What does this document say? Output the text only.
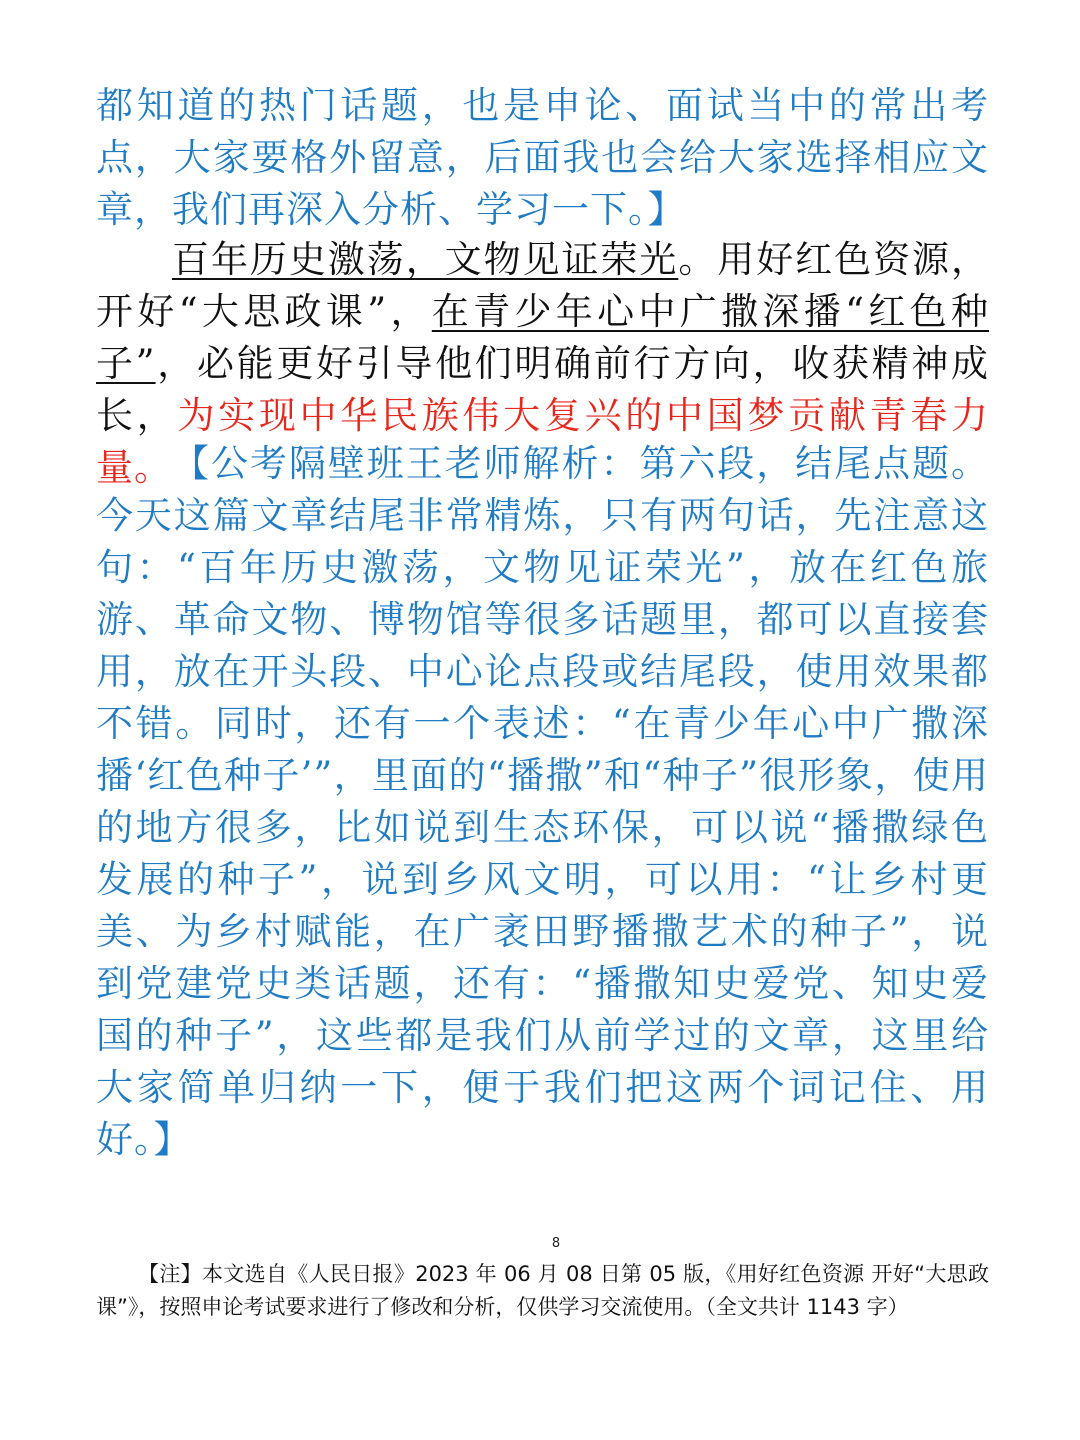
都知道的热门话题，也是申论、面试当中的常出考点，大家要格外留意，后面我也会给大家选择相应文章，我们再深入分析、学习一下。】

百年历史激荡，文物见证荣光。用好红色资源，开好“大思政课”，在青少年心中广撒深播“红色种子”，必能更好引导他们明确前行方向，收获精神成长，为实现中华民族伟大复兴的中国梦贡献青春力量。 【公考隔壁班王老师解析：第六段，结尾点题。今天这篇文章结尾非常精炼，只有两句话，先注意这句：“百年历史激荡，文物见证荣光”，放在红色旅游、革命文物、博物馆等很多话题里，都可以直接套用，放在开头段、中心论点段或结尾段，使用效果都不错。同时，还有一个表述：“在青少年心中广撒深播‘红色种子’”，里面的“播撒”和“种子”很形象，使用的地方很多，比如说到生态环保，可以说“播撒绿色发展的种子”，说到乡风文明，可以用：“让乡村更美、为乡村赋能，在广袤田野播撒艺术的种子”，说到党建党史类话题，还有：“播撒知史爱党、知史爱国的种子”，这些都是我们从前学过的文章，这里给大家简单归纳一下，便于我们把这两个词记住、用好。】

8

【注】本文选自《人民日报》2023 年 06 月 08 日第 05 版，《用好红色资源 开好“大思政课”》，按照申论考试要求进行了修改和分析，仅供学习交流使用。（全文共计 1143 字）
